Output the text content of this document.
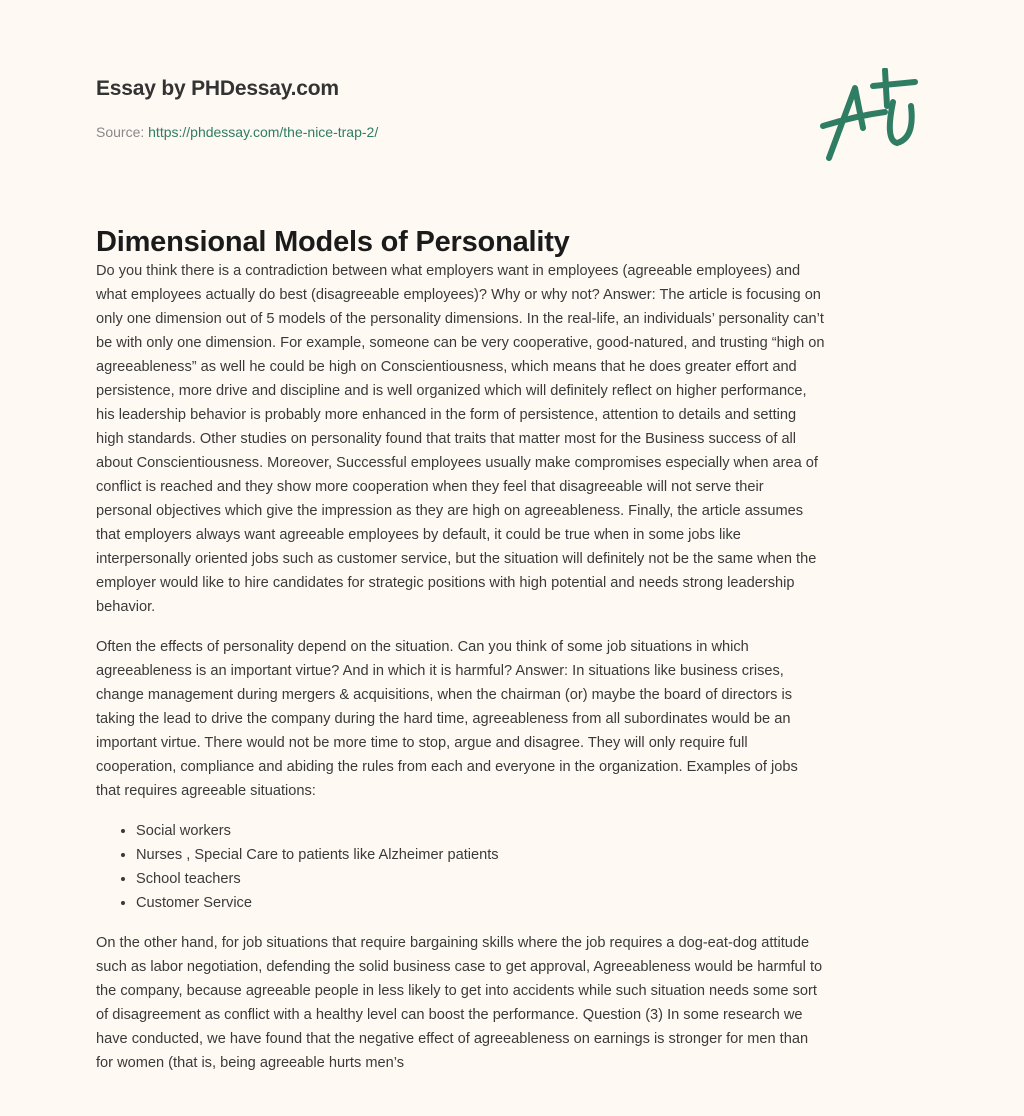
Essay by PHDessay.com
Source: https://phdessay.com/the-nice-trap-2/
Dimensional Models of Personality

Do you think there is a contradiction between what employers want in employees (agreeable employees) and
what employees actually do best (disagreeable employees)? Why or why not? Answer: The article is focusing on
only one dimension out of 5 models of the personality dimensions. In the real-life, an individuals’ personality can’t
be with only one dimension. For example, someone can be very cooperative, good-natured, and trusting “high on
agreeableness” as well he could be high on Conscientiousness, which means that he does greater effort and
persistence, more drive and discipline and is well organized which will definitely reflect on higher performance,
his leadership behavior is probably more enhanced in the form of persistence, attention to details and setting
high standards. Other studies on personality found that traits that matter most for the Business success of all
about Conscientiousness. Moreover, Successful employees usually make compromises especially when area of
conflict is reached and they show more cooperation when they feel that disagreeable will not serve their
personal objectives which give the impression as they are high on agreeableness. Finally, the article assumes
that employers always want agreeable employees by default, it could be true when in some jobs like
interpersonally oriented jobs such as customer service, but the situation will definitely not be the same when the
employer would like to hire candidates for strategic positions with high potential and needs strong leadership
behavior.

Often the effects of personality depend on the situation. Can you think of some job situations in which
agreeableness is an important virtue? And in which it is harmful? Answer: In situations like business crises,
change management during mergers & acquisitions, when the chairman (or) maybe the board of directors is
taking the lead to drive the company during the hard time, agreeableness from all subordinates would be an
important virtue. There would not be more time to stop, argue and disagree. They will only require full
cooperation, compliance and abiding the rules from each and everyone in the organization. Examples of jobs
that requires agreeable situations:

• Social workers
• Nurses , Special Care to patients like Alzheimer patients
• School teachers
• Customer Service

On the other hand, for job situations that require bargaining skills where the job requires a dog-eat-dog attitude
such as labor negotiation, defending the solid business case to get approval, Agreeableness would be harmful to
the company, because agreeable people in less likely to get into accidents while such situation needs some sort
of disagreement as conflict with a healthy level can boost the performance. Question (3) In some research we
have conducted, we have found that the negative effect of agreeableness on earnings is stronger for men than
for women (that is, being agreeable hurts men’s
